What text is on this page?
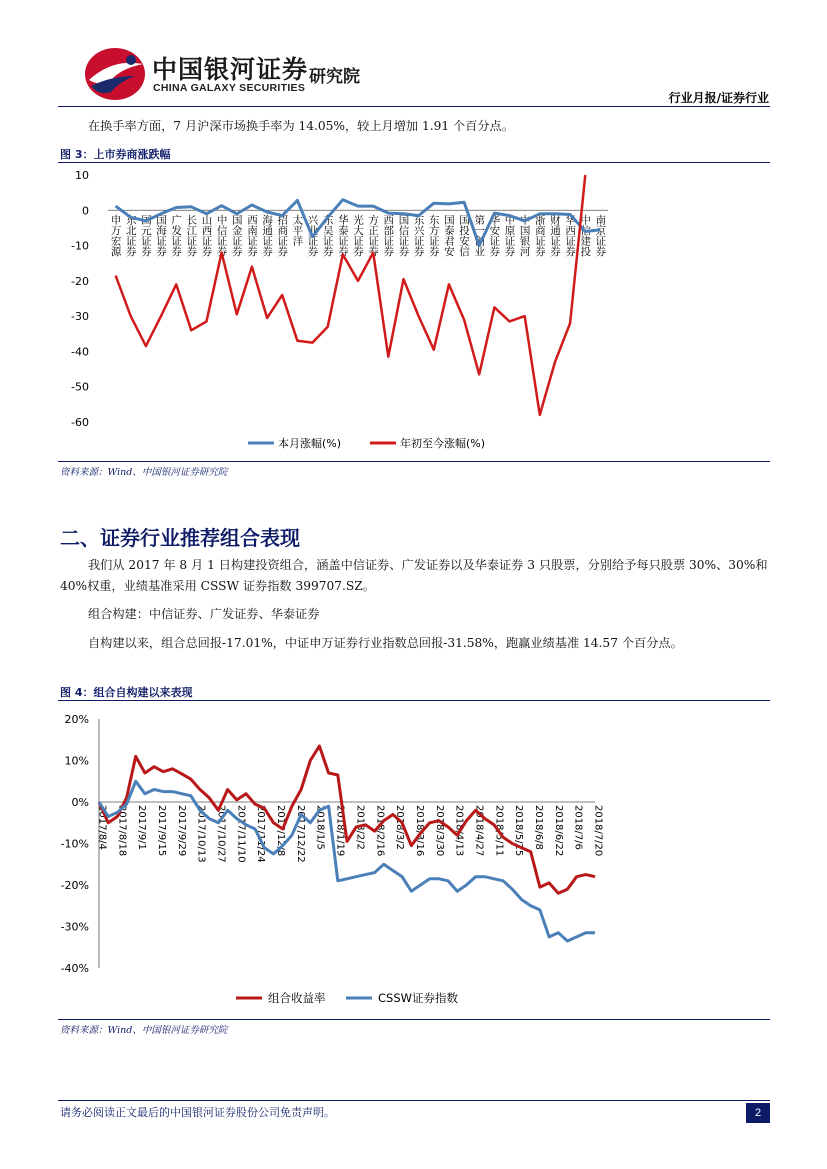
中国银河证券
CHINA GALAXY SECURITIES
研究院
行业月报/证券行业
在换手率方面，7 月沪深市场换手率为 14.05%，较上月增加 1.91 个百分点。
图 3：上市券商涨跌幅
10
0
-10
-20
-30
-40
-50
-60
申万宏源 东北证券 国元证券 国海证券 广发证券 长江证券 山西证券 中信证券 国金证券 西南证券 海通证券 招商证券 太平洋 兴业证券 东吴证券 华泰证券 光大证券 方正证券 西部证券 国信证券 东兴证券 东方证券 国泰君安 国投安信 第一创业 华安证券 中原证券 中国银河 浙商证券 财通证券 华西证券 中信建投 南京证券
本月涨幅(%)	年初至今涨幅(%)
资料来源：Wind、中国银河证券研究院
二、证券行业推荐组合表现
我们从 2017 年 8 月 1 日构建投资组合，涵盖中信证券、广发证券以及华泰证券 3 只股票，分别给予每只股票 30%、30%和40%权重，业绩基准采用 CSSW 证券指数 399707.SZ。
组合构建：中信证券、广发证券、华泰证券
自构建以来，组合总回报-17.01%，中证申万证券行业指数总回报-31.58%，跑赢业绩基准 14.57 个百分点。
图 4：组合自构建以来表现
20%
10%
0%
-10%
-20%
-30%
-40%
2017/8/4 2017/8/18 2017/9/1 2017/9/15 2017/9/29 2017/10/13 2017/10/27 2017/11/10 2017/11/24 2017/12/8 2017/12/22 2018/1/5 2018/1/19 2018/2/2 2018/2/16 2018/3/2 2018/3/16 2018/3/30 2018/4/13 2018/4/27 2018/5/11 2018/5/25 2018/6/8 2018/6/22 2018/7/6 2018/7/20
组合收益率	CSSW证券指数
资料来源：Wind、中国银河证券研究院
请务必阅读正文最后的中国银河证券股份公司免责声明。	2
